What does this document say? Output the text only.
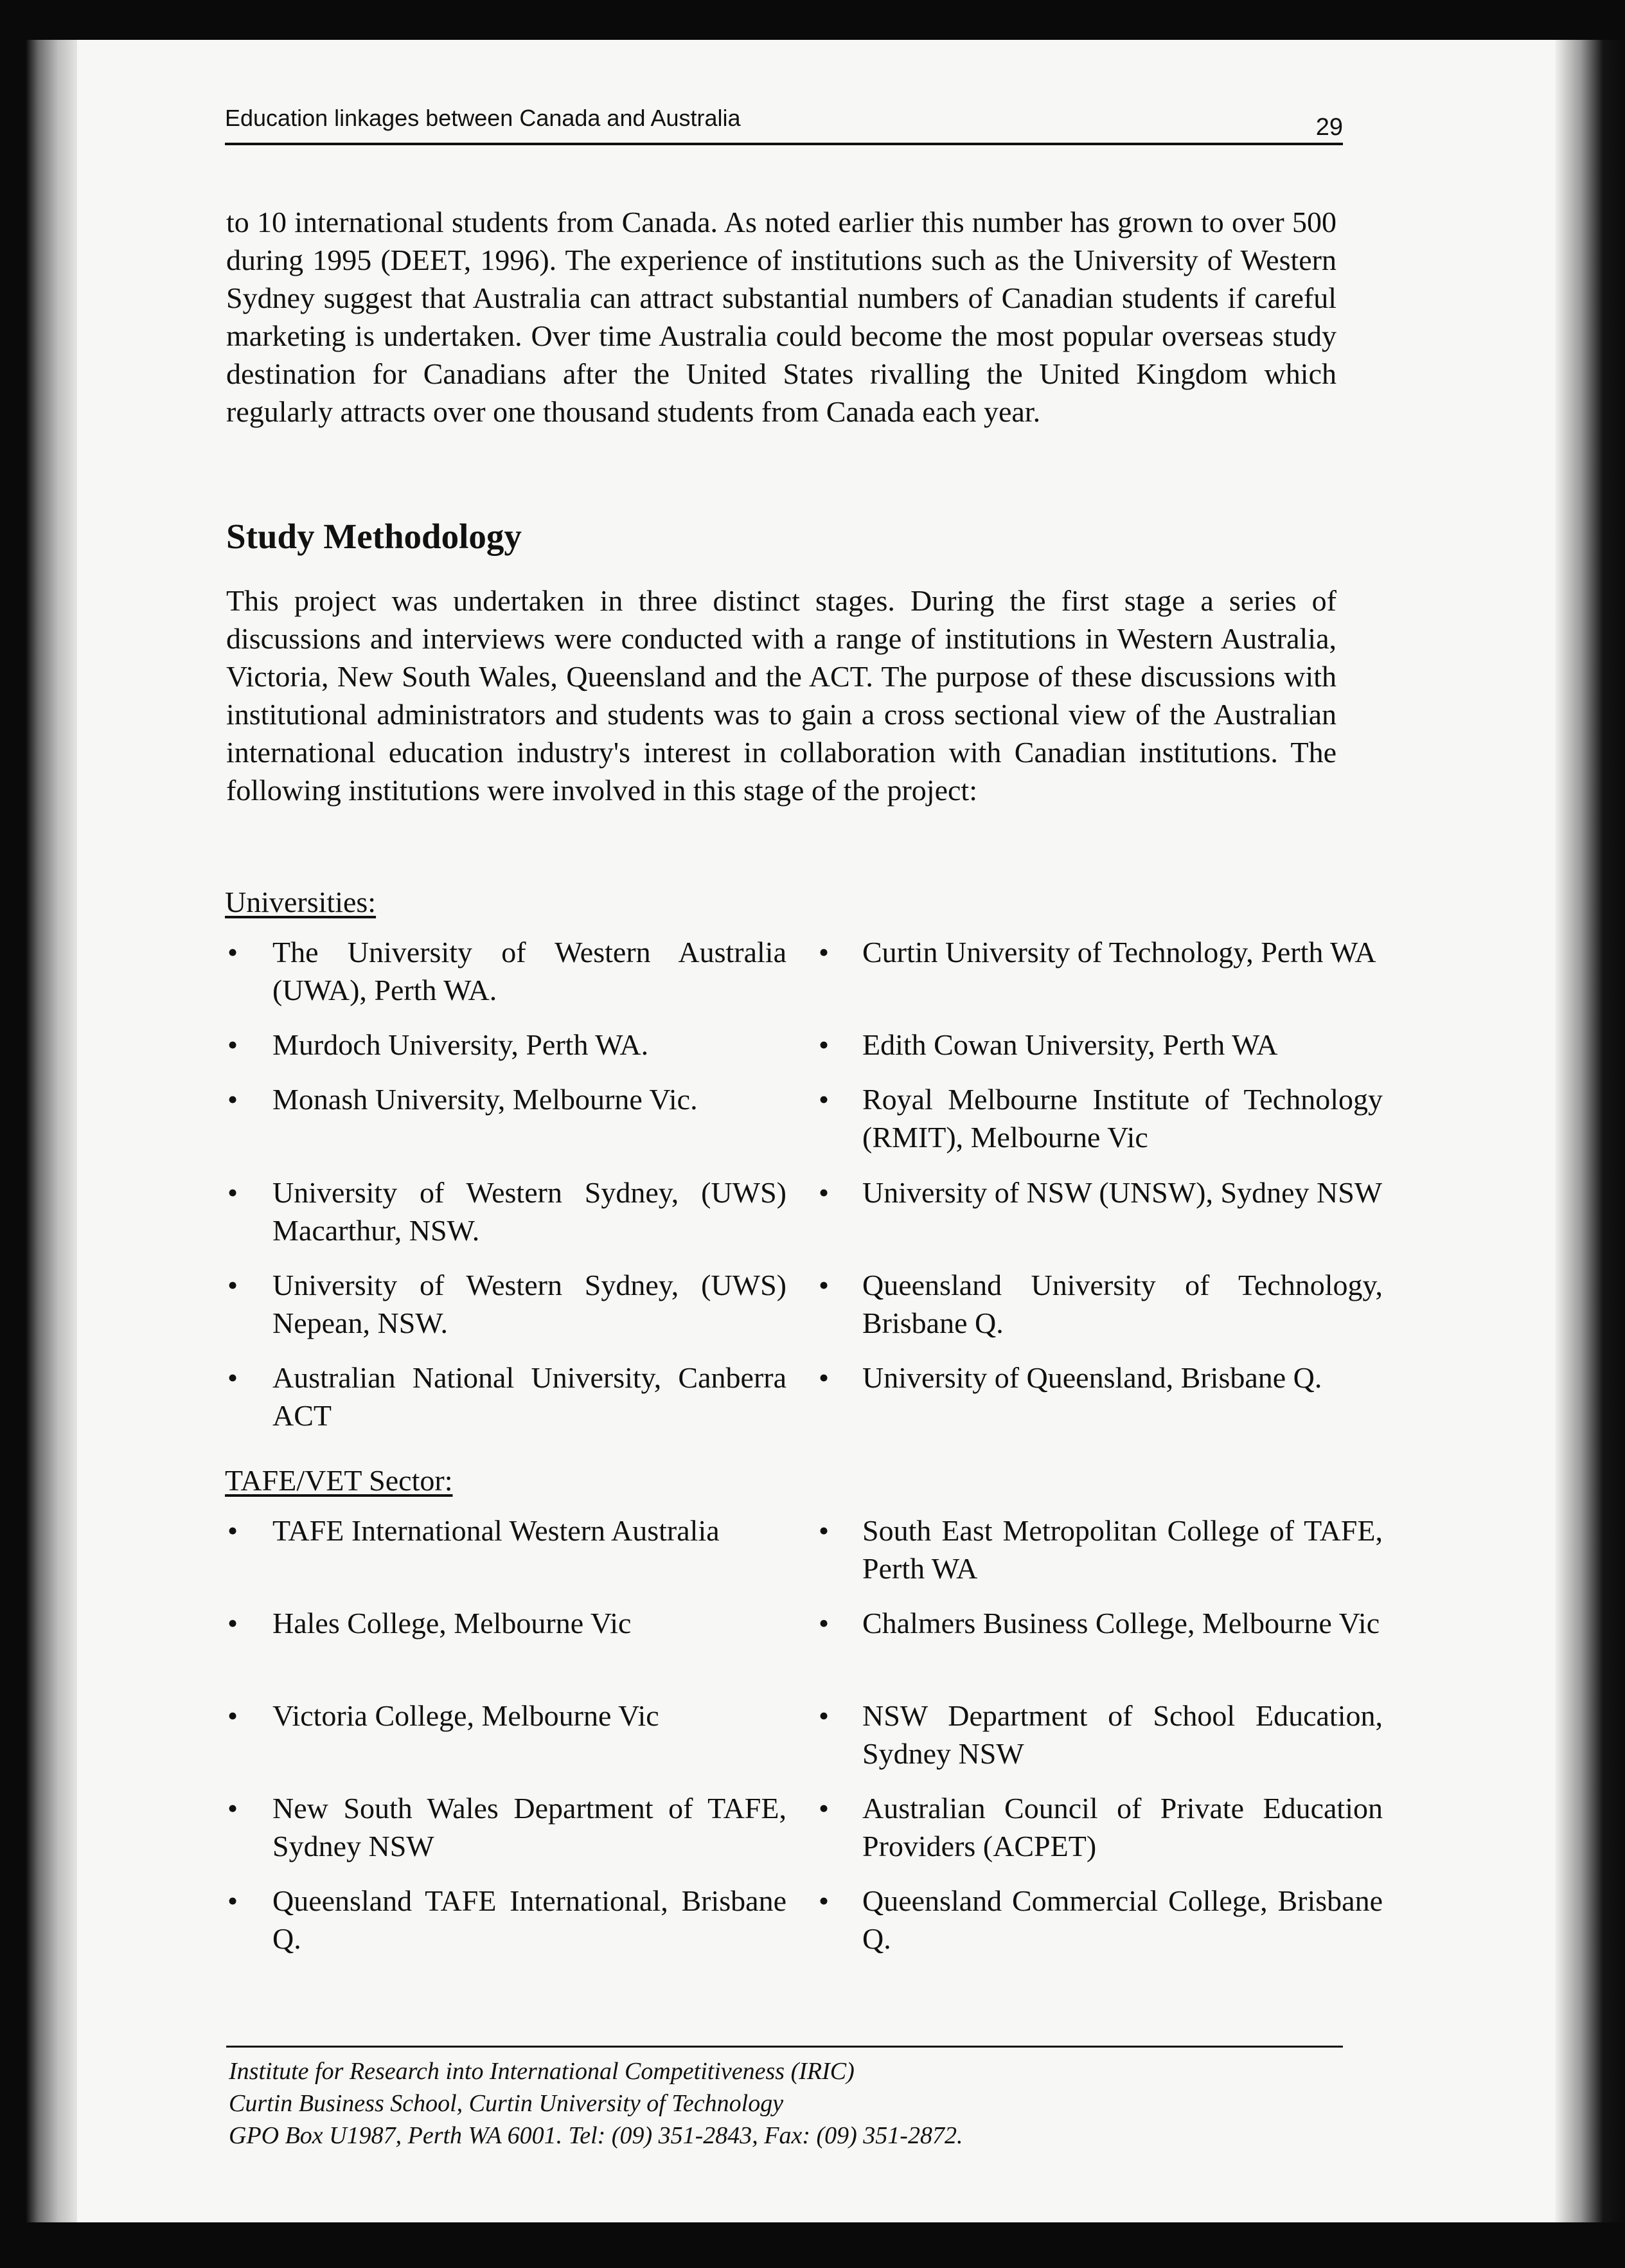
Education linkages between Canada and Australia	29

to 10 international students from Canada. As noted earlier this number has grown to over 500 during 1995 (DEET, 1996). The experience of institutions such as the University of Western Sydney suggest that Australia can attract substantial numbers of Canadian students if careful marketing is undertaken. Over time Australia could become the most popular overseas study destination for Canadians after the United States rivalling the United Kingdom which regularly attracts over one thousand students from Canada each year.

Study Methodology

This project was undertaken in three distinct stages. During the first stage a series of discussions and interviews were conducted with a range of institutions in Western Australia, Victoria, New South Wales, Queensland and the ACT. The purpose of these discussions with institutional administrators and students was to gain a cross sectional view of the Australian international education industry's interest in collaboration with Canadian institutions. The following institutions were involved in this stage of the project:

Universities:
• The University of Western Australia (UWA), Perth WA.
• Murdoch University, Perth WA.
• Monash University, Melbourne Vic.
• University of Western Sydney, (UWS) Macarthur, NSW.
• University of Western Sydney, (UWS) Nepean, NSW.
• Australian National University, Canberra ACT
• Curtin University of Technology, Perth WA
• Edith Cowan University, Perth WA
• Royal Melbourne Institute of Technology (RMIT), Melbourne Vic
• University of NSW (UNSW), Sydney NSW
• Queensland University of Technology, Brisbane Q.
• University of Queensland, Brisbane Q.
TAFE/VET Sector:
• TAFE International Western Australia
• Hales College, Melbourne Vic
• Victoria College, Melbourne Vic
• New South Wales Department of TAFE, Sydney NSW
• Queensland TAFE International, Brisbane Q.
• South East Metropolitan College of TAFE, Perth WA
• Chalmers Business College, Melbourne Vic
• NSW Department of School Education, Sydney NSW
• Australian Council of Private Education Providers (ACPET)
• Queensland Commercial College, Brisbane Q.
Institute for Research into International Competitiveness (IRIC)
Curtin Business School, Curtin University of Technology
GPO Box U1987, Perth WA 6001. Tel: (09) 351-2843, Fax: (09) 351-2872.
